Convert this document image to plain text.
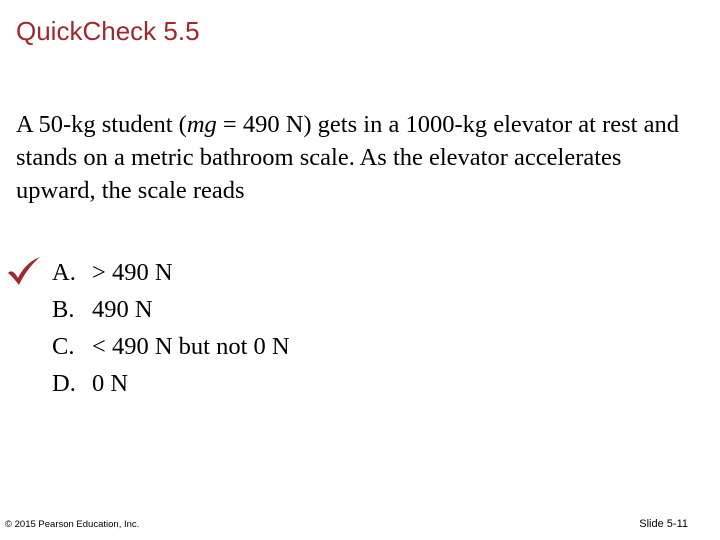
QuickCheck 5.5
A 50-kg student (mg = 490 N) gets in a 1000-kg elevator at rest and stands on a metric bathroom scale. As the elevator accelerates upward, the scale reads
A. > 490 N
B. 490 N
C. < 490 N but not 0 N
D. 0 N
© 2015 Pearson Education, Inc.	Slide 5-11
